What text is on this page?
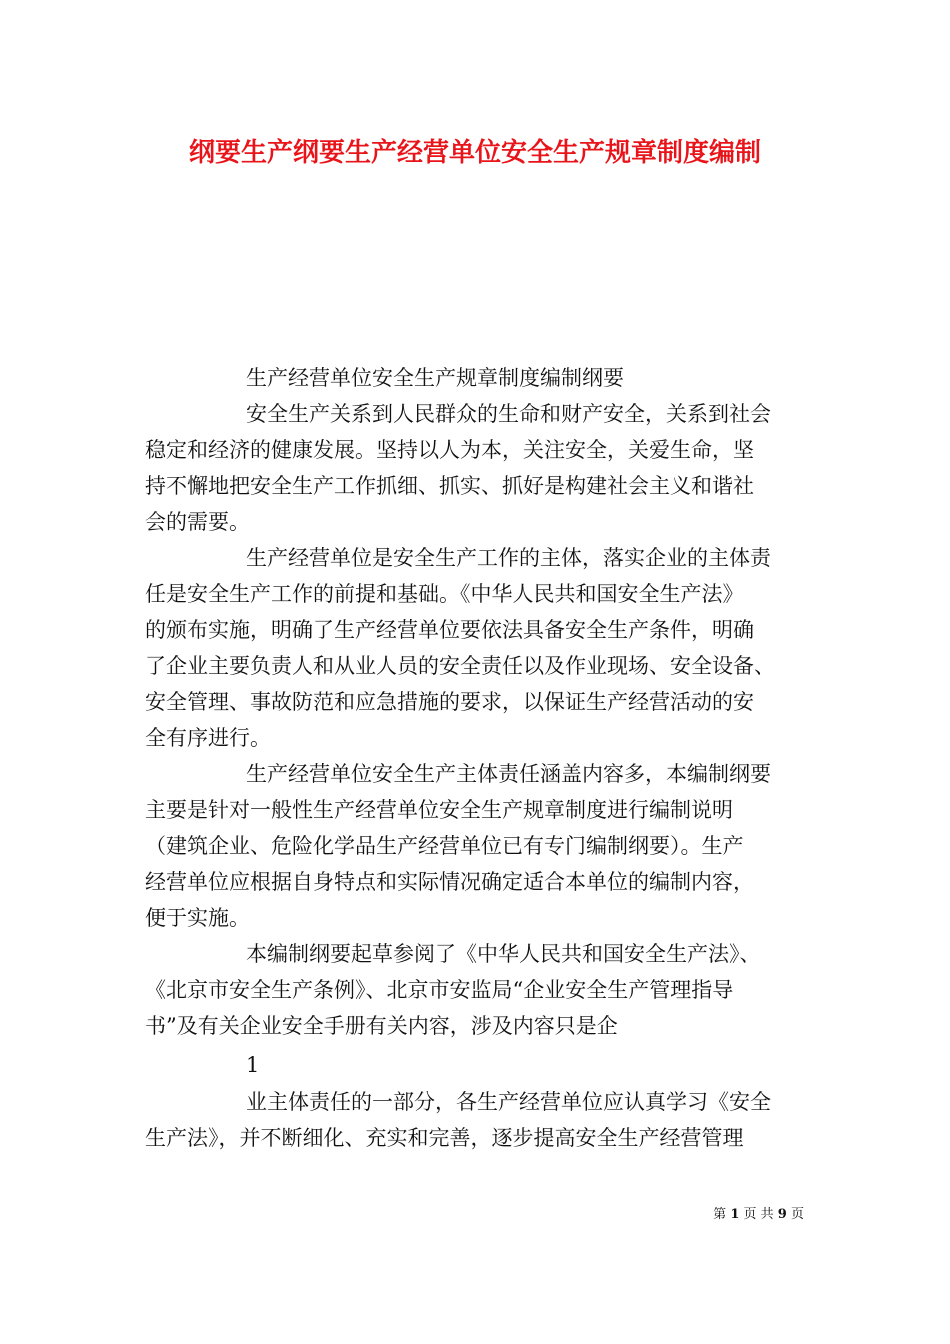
纲要生产纲要生产经营单位安全生产规章制度编制
生产经营单位安全生产规章制度编制纲要
安全生产关系到人民群众的生命和财产安全，关系到社会
稳定和经济的健康发展。坚持以人为本，关注安全，关爱生命，坚
持不懈地把安全生产工作抓细、抓实、抓好是构建社会主义和谐社
会的需要。
生产经营单位是安全生产工作的主体，落实企业的主体责
任是安全生产工作的前提和基础。《中华人民共和国安全生产法》
的颁布实施，明确了生产经营单位要依法具备安全生产条件，明确
了企业主要负责人和从业人员的安全责任以及作业现场、安全设备、
安全管理、事故防范和应急措施的要求，以保证生产经营活动的安
全有序进行。
生产经营单位安全生产主体责任涵盖内容多，本编制纲要
主要是针对一般性生产经营单位安全生产规章制度进行编制说明
（建筑企业、危险化学品生产经营单位已有专门编制纲要）。生产
经营单位应根据自身特点和实际情况确定适合本单位的编制内容，
便于实施。
本编制纲要起草参阅了《中华人民共和国安全生产法》、
《北京市安全生产条例》、北京市安监局“企业安全生产管理指导
书”及有关企业安全手册有关内容，涉及内容只是企
1
业主体责任的一部分，各生产经营单位应认真学习《安全
生产法》，并不断细化、充实和完善，逐步提高安全生产经营管理
第 1 页 共 9 页
